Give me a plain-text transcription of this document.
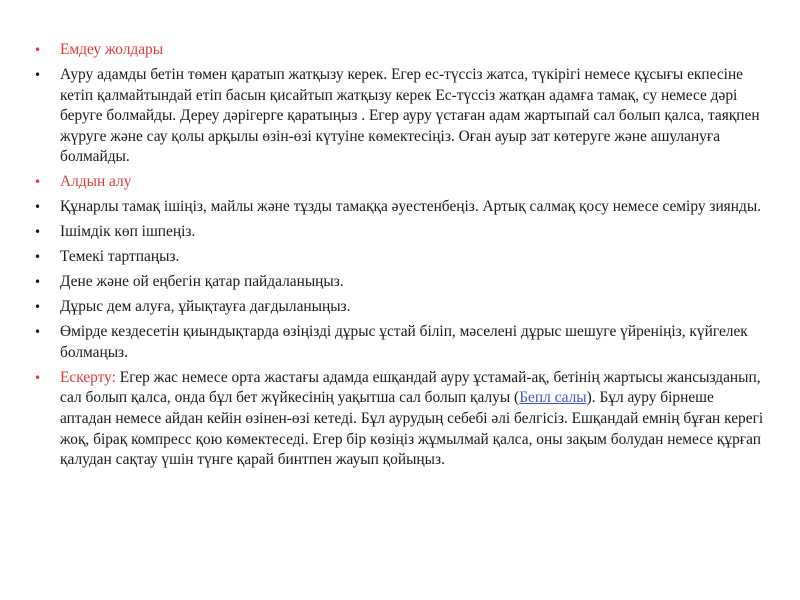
• Емдеу жолдары
• Ауру адамды бетін төмен қаратып жатқызу керек. Егер ес-түссіз жатса, түкірігі немесе құсығы екпесіне кетіп қалмайтындай етіп басын қисайтып жатқызу керек Ес-түссіз жатқан адамға тамақ, су немесе дәрі беруге болмайды. Дереу дәрігерге қаратыңыз . Егер ауру үстаған адам жартыпай сал болып қалса, таяқпен жүруге және сау қолы арқылы өзін-өзі күтуіне көмектесіңіз. Оған ауыр зат көтеруге және ашулануға болмайды.
• Алдын алу
• Құнарлы тамақ ішіңіз, майлы және тұзды тамаққа әуестенбеңіз. Артық салмақ қосу немесе семіру зиянды.
• Ішімдік көп ішпеңіз.
• Темекі тартпаңыз.
• Дене және ой еңбегін қатар пайдаланыңыз.
• Дұрыс дем алуға, ұйықтауға дағдыланыңыз.
• Өмірде кездесетін қиындықтарда өзіңізді дұрыс ұстай біліп, мәселені дұрыс шешуге үйреніңіз, күйгелек болмаңыз.
• Ескерту: Егер жас немесе орта жастағы адамда ешқандай ауру ұстамай-ақ, бетінің жартысы жансызданып, сал болып қалса, онда бұл бет жүйкесінің уақытша сал болып қалуы (Бепл салы). Бұл ауру бірнеше аптадан немесе айдан кейін өзінен-өзі кетеді. Бұл аурудың себебі әлі белгісіз. Ешқандай емнің бұған керегі жоқ, бірақ компресс қою көмектеседі. Егер бір көзіңіз жұмылмай қалса, оны зақым болудан немесе құрғап қалудан сақтау үшін түнге қарай бинтпен жауып қойыңыз.
